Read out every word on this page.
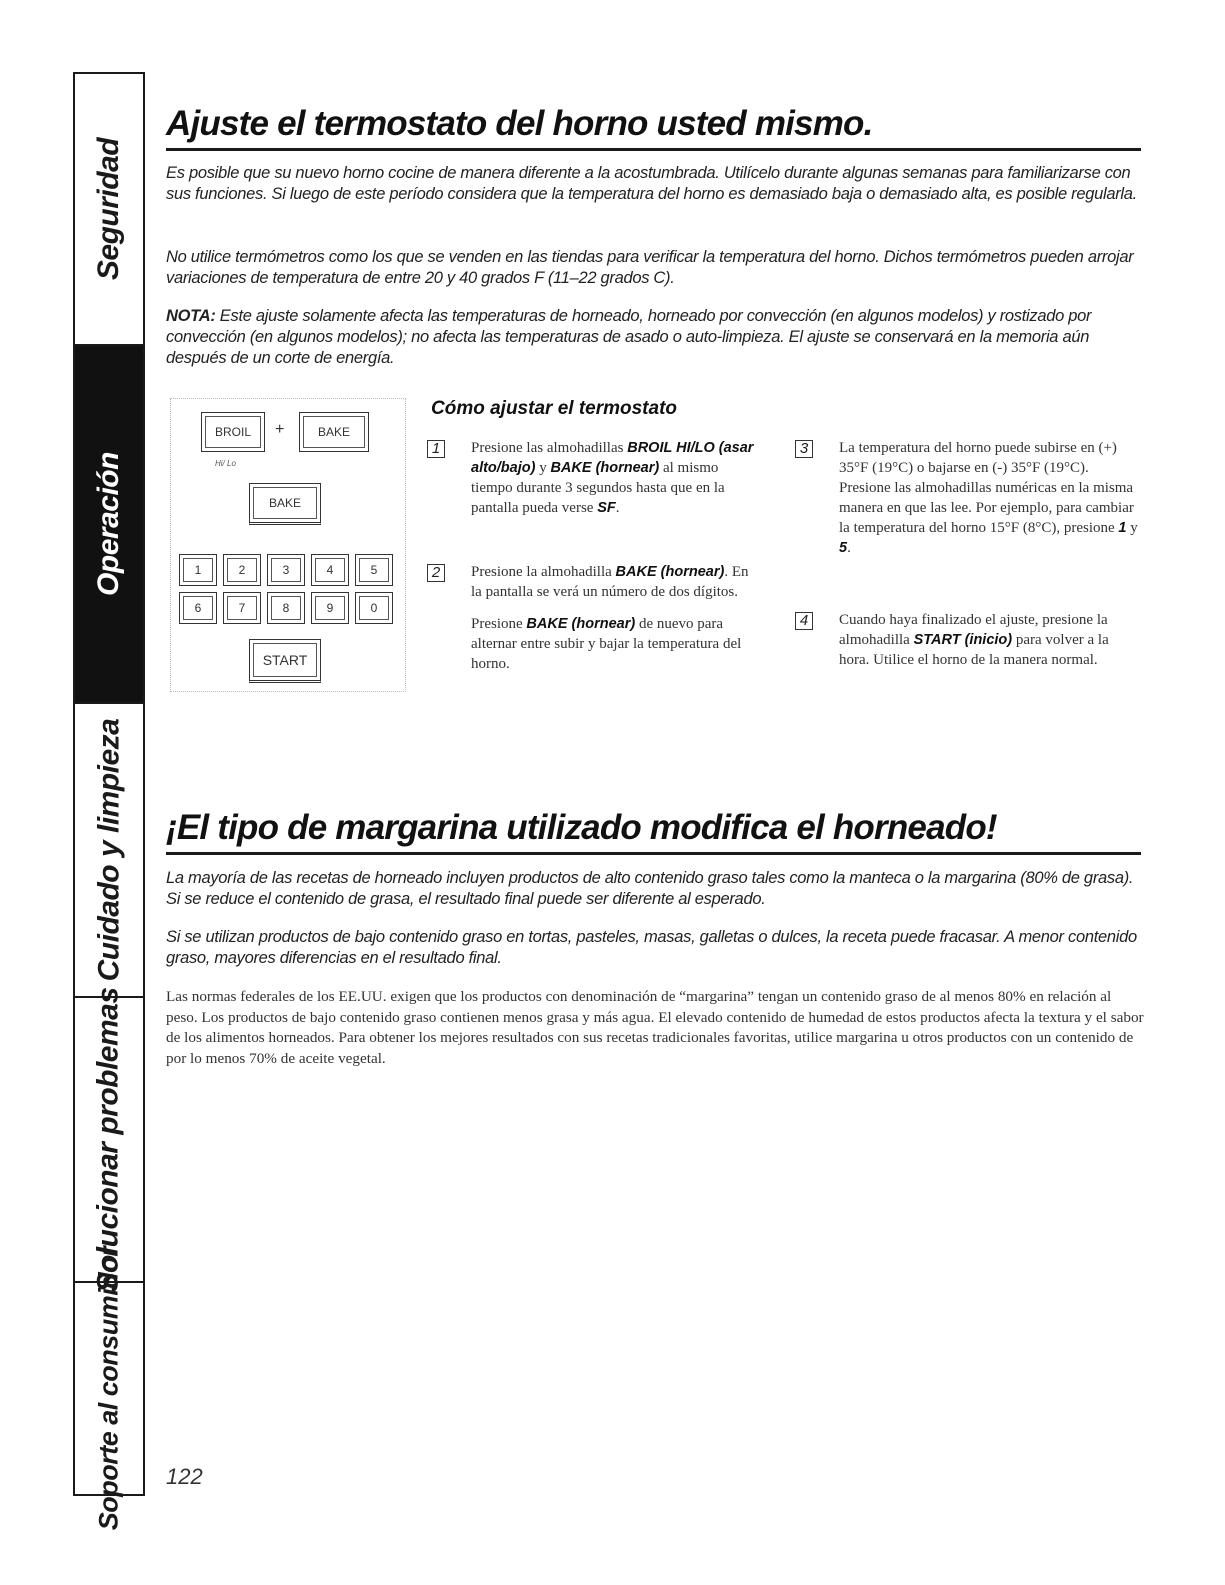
Seguridad
Operación
Cuidado y limpieza
Solucionar problemas
Soporte al consumidor
Ajuste el termostato del horno usted mismo.

Es posible que su nuevo horno cocine de manera diferente a la acostumbrada. Utilícelo durante algunas semanas para familiarizarse con sus funciones. Si luego de este período considera que la temperatura del horno es demasiado baja o demasiado alta, es posible regularla.

No utilice termómetros como los que se venden en las tiendas para verificar la temperatura del horno. Dichos termómetros pueden arrojar variaciones de temperatura de entre 20 y 40 grados F (11–22 grados C).

NOTA: Este ajuste solamente afecta las temperaturas de horneado, horneado por convección (en algunos modelos) y rostizado por convección (en algunos modelos); no afecta las temperaturas de asado o auto-limpieza. El ajuste se conservará en la memoria aún después de un corte de energía.

BROIL +	BAKE
Hi/ Lo
BAKE
1	2	3	4	5
6	7	8	9	0
START
Cómo ajustar el termostato
1	Presione las almohadillas BROIL HI/LO (asar alto/bajo) y BAKE (hornear) al mismo tiempo durante 3 segundos hasta que en la pantalla pueda verse SF.

2	Presione la almohadilla BAKE (hornear). En la pantalla se verá un número de dos dígitos.

Presione BAKE (hornear) de nuevo para alternar entre subir y bajar la temperatura del horno.

3	La temperatura del horno puede subirse en (+) 35°F (19°C) o bajarse en (-) 35°F (19°C). Presione las almohadillas numéricas en la misma manera en que las lee. Por ejemplo, para cambiar la temperatura del horno 15°F (8°C), presione 1 y 5.

4	Cuando haya finalizado el ajuste, presione la almohadilla START (inicio) para volver a la hora. Utilice el horno de la manera normal.

¡El tipo de margarina utilizado modifica el horneado!

La mayoría de las recetas de horneado incluyen productos de alto contenido graso tales como la manteca o la margarina (80% de grasa). Si se reduce el contenido de grasa, el resultado final puede ser diferente al esperado.

Si se utilizan productos de bajo contenido graso en tortas, pasteles, masas, galletas o dulces, la receta puede fracasar. A menor contenido graso, mayores diferencias en el resultado final.

Las normas federales de los EE.UU. exigen que los productos con denominación de “margarina” tengan un contenido graso de al menos 80% en relación al peso. Los productos de bajo contenido graso contienen menos grasa y más agua. El elevado contenido de humedad de estos productos afecta la textura y el sabor de los alimentos horneados. Para obtener los mejores resultados con sus recetas tradicionales favoritas, utilice margarina u otros productos con un contenido de por lo menos 70% de aceite vegetal.

122
